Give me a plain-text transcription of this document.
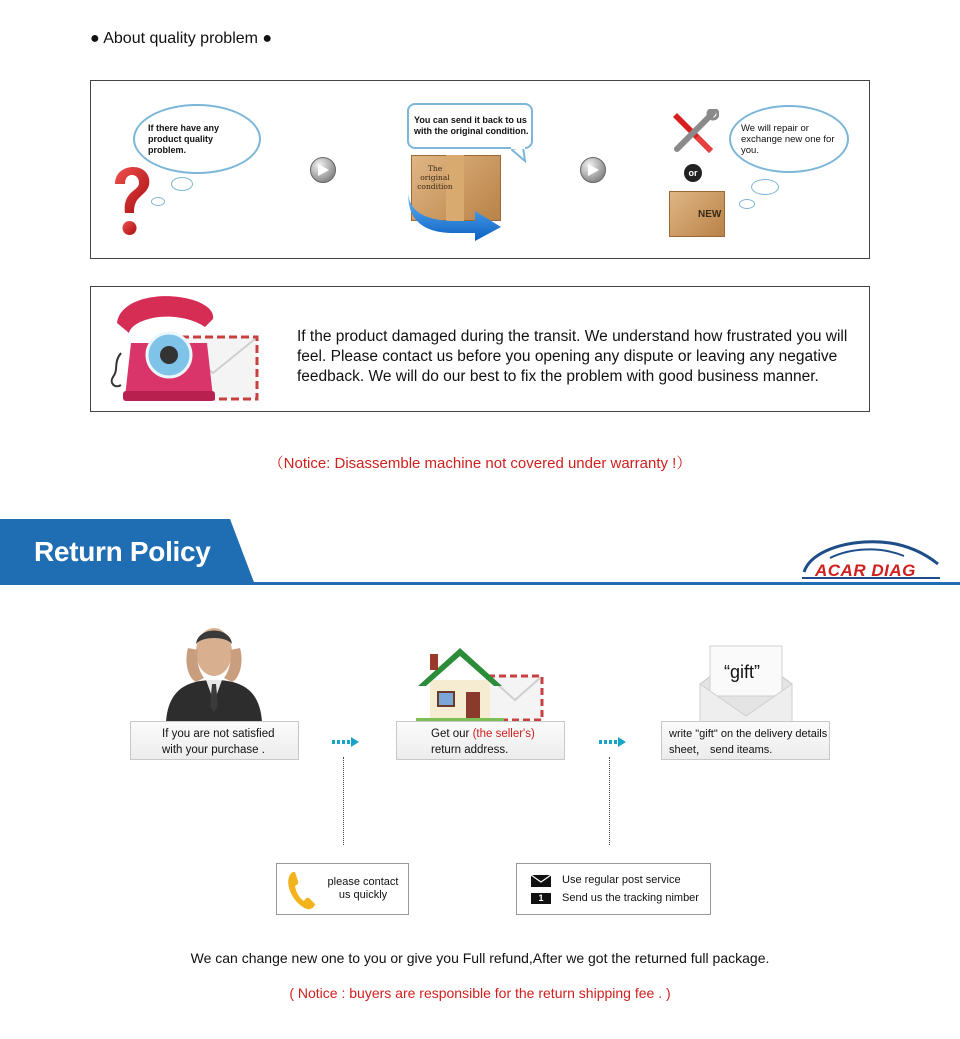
● About quality problem ●
If there have any product quality problem.
You can send it back to us with the original condition.
The original condition
or
NEW
We will repair or exchange new one for you.
If the product damaged during the transit. We understand how frustrated you will feel. Please contact us before you opening any dispute or leaving any negative feedback. We will do our best to fix the problem with good business manner.
（Notice: Disassemble machine not covered under warranty !）
Return Policy
ACAR DIAG
If you are not satisfied
with your purchase .
Get our (the seller's)
return address.
“gift”
write "gift" on the delivery details
sheet， send iteams.
please contact
us quickly	1
Use regular post service
Send us the tracking nimber
We can change new one to you or give you Full refund,After we got the returned full package.
( Notice : buyers are responsible for the return shipping fee . )
